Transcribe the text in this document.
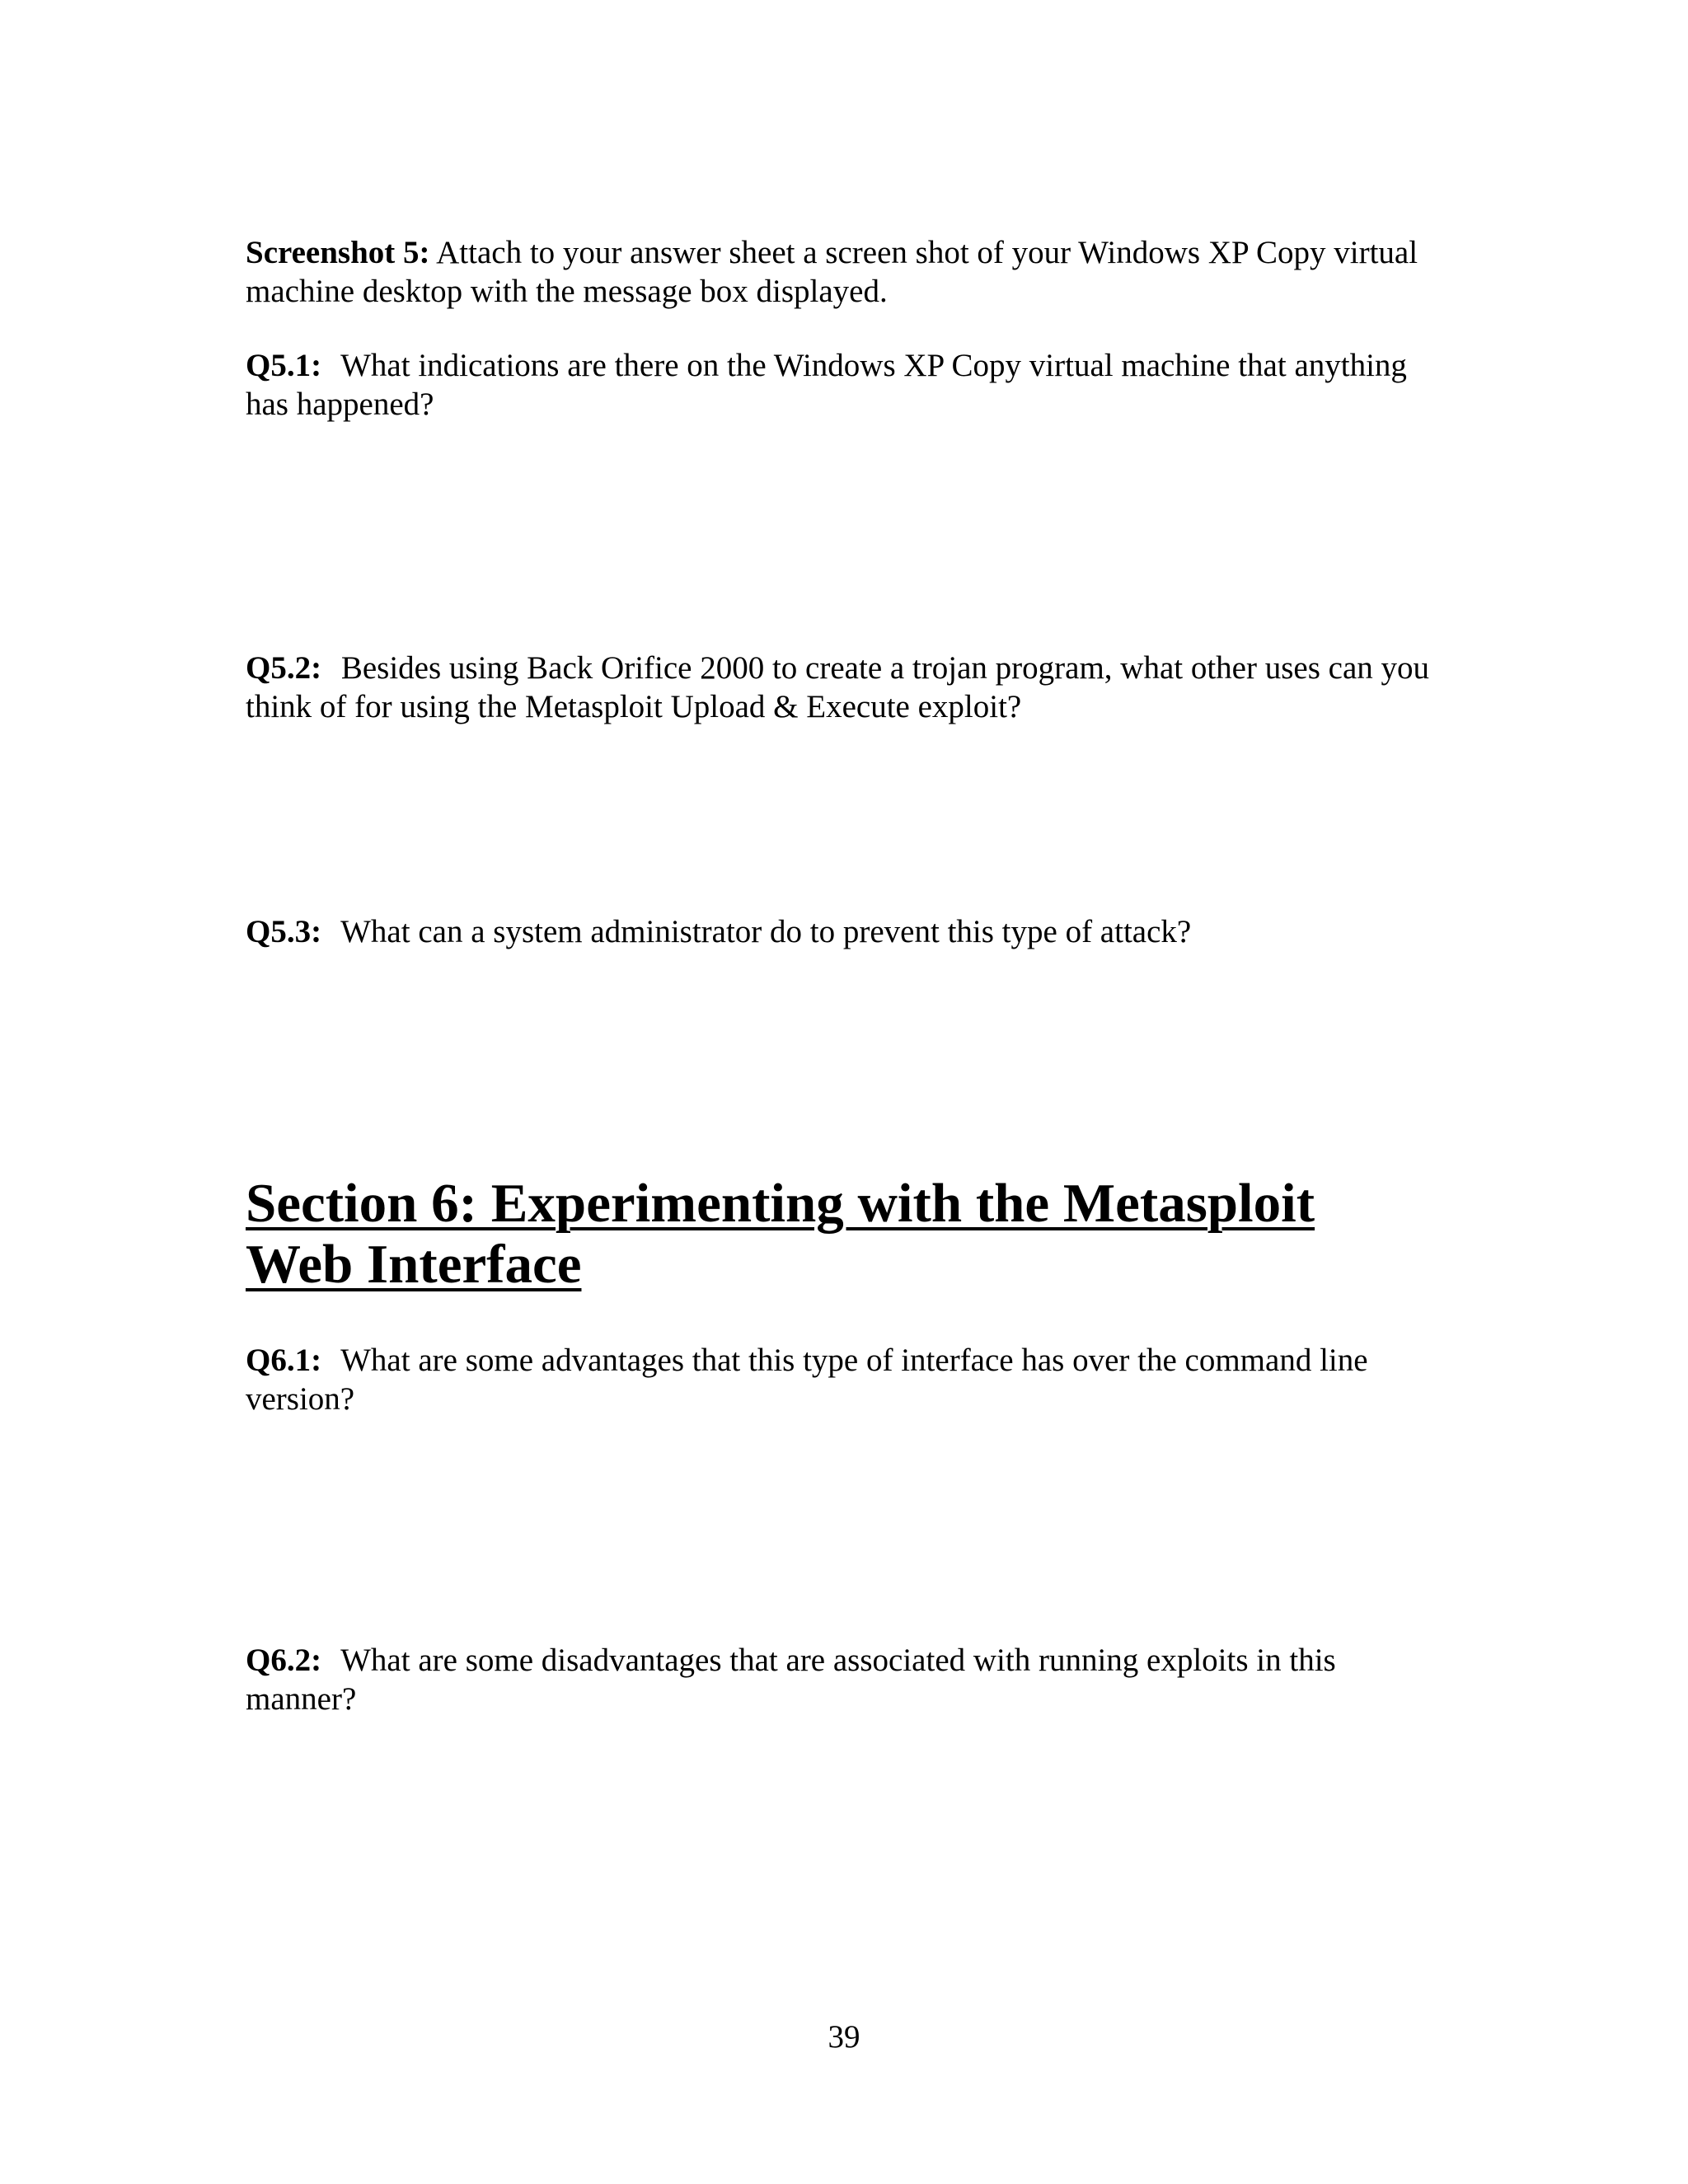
Screenshot 5: Attach to your answer sheet a screen shot of your Windows XP Copy virtual machine desktop with the message box displayed.
Q5.1: What indications are there on the Windows XP Copy virtual machine that anything has happened?
Q5.2: Besides using Back Orifice 2000 to create a trojan program, what other uses can you think of for using the Metasploit Upload & Execute exploit?
Q5.3: What can a system administrator do to prevent this type of attack?
Section 6: Experimenting with the Metasploit
Web Interface
Q6.1: What are some advantages that this type of interface has over the command line version?
Q6.2: What are some disadvantages that are associated with running exploits in this manner?
39
